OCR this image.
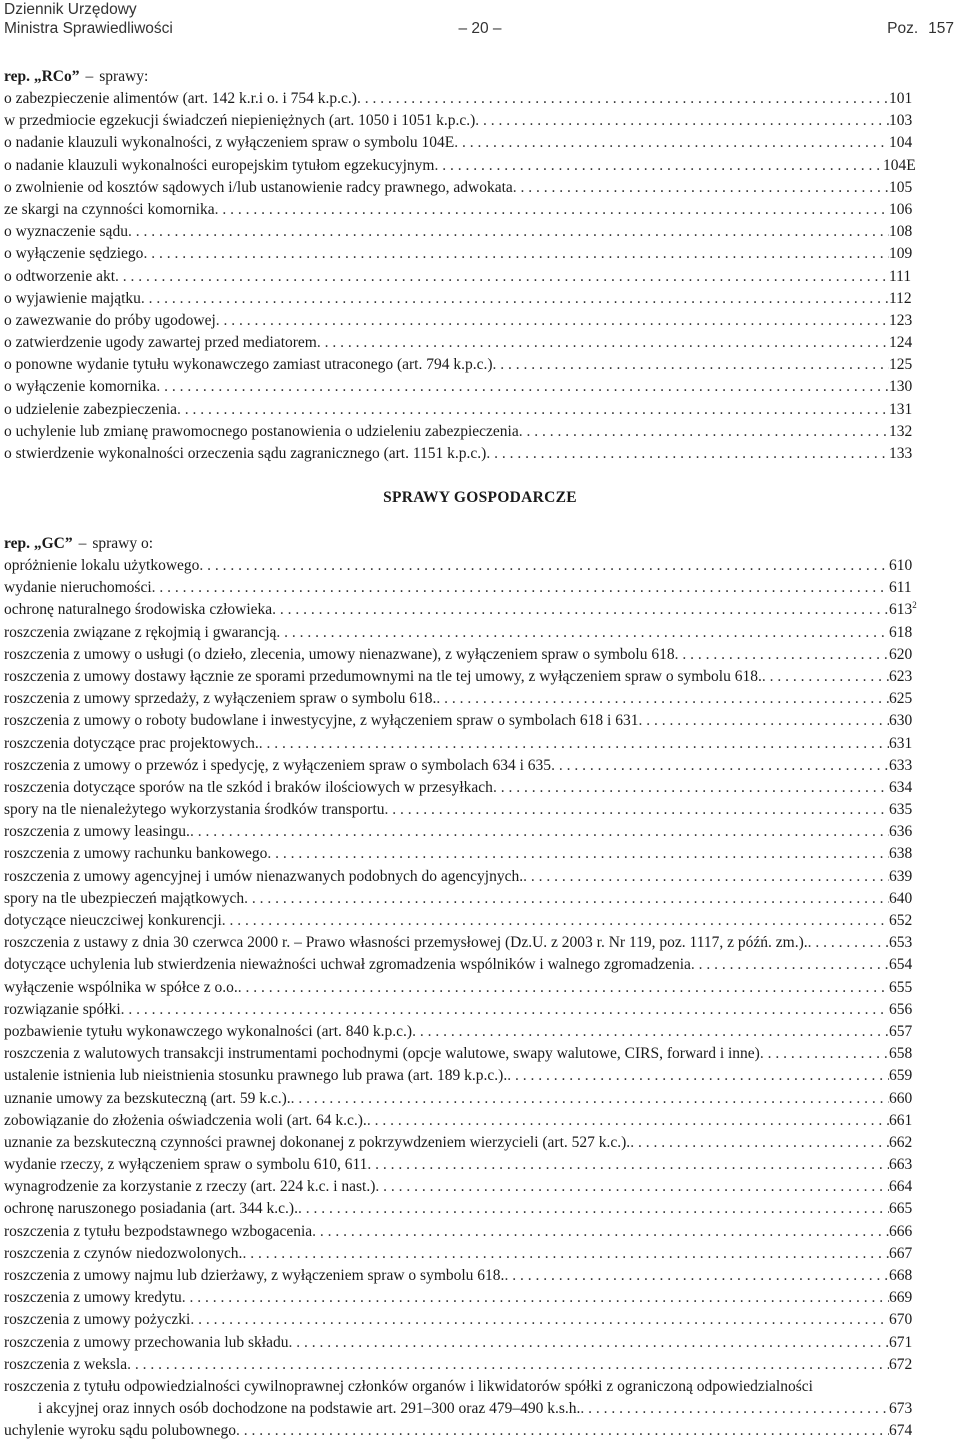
Dziennik Urzędowy
Ministra Sprawiedliwości	– 20 –	Poz. 157
rep. „RCo” – sprawy:
o zabezpieczenie alimentów (art. 142 k.r.i o. i 754 k.p.c.) . . .	101
w przedmiocie egzekucji świadczeń niepieniężnych (art. 1050 i 1051 k.p.c.) . . .	103
o nadanie klauzuli wykonalności, z wyłączeniem spraw o symbolu 104E . . .	104
o nadanie klauzuli wykonalności europejskim tytułom egzekucyjnym . . .	104E
o zwolnienie od kosztów sądowych i/lub ustanowienie radcy prawnego, adwokata . . .	105
ze skargi na czynności komornika . . .	106
o wyznaczenie sądu . . .	108
o wyłączenie sędziego . . .	109
o odtworzenie akt . . .	111
o wyjawienie majątku . . .	112
o zawezwanie do próby ugodowej . . .	123
o zatwierdzenie ugody zawartej przed mediatorem . . .	124
o ponowne wydanie tytułu wykonawczego zamiast utraconego (art. 794 k.p.c.) . . .	125
o wyłączenie komornika . . .	130
o udzielenie zabezpieczenia . . .	131
o uchylenie lub zmianę prawomocnego postanowienia o udzieleniu zabezpieczenia . . .	132
o stwierdzenie wykonalności orzeczenia sądu zagranicznego (art. 1151 k.p.c.) . . .	133
SPRAWY GOSPODARCZE
rep. „GC” – sprawy o:
opróżnienie lokalu użytkowego . . .	610
wydanie nieruchomości . . .	611
ochronę naturalnego środowiska człowieka . . .	$613^2$
roszczenia związane z rękojmią i gwarancją . . .	618
roszczenia z umowy o usługi (o dzieło, zlecenia, umowy nienazwane), z wyłączeniem spraw o symbolu 618 . . .	620
roszczenia z umowy dostawy łącznie ze sporami przedumownymi na tle tej umowy, z wyłączeniem spraw o symbolu 618. . . .	623
roszczenia z umowy sprzedaży, z wyłączeniem spraw o symbolu 618. . . .	625
roszczenia z umowy o roboty budowlane i inwestycyjne, z wyłączeniem spraw o symbolach 618 i 631 . . .	630
roszczenia dotyczące prac projektowych. . . .	631
roszczenia z umowy o przewóz i spedycję, z wyłączeniem spraw o symbolach 634 i 635 . . .	633
roszczenia dotyczące sporów na tle szkód i braków ilościowych w przesyłkach . . .	634
spory na tle nienależytego wykorzystania środków transportu . . .	635
roszczenia z umowy leasingu. . . .	636
roszczenia z umowy rachunku bankowego . . .	638
roszczenia z umowy agencyjnej i umów nienazwanych podobnych do agencyjnych. . . .	639
spory na tle ubezpieczeń majątkowych . . .	640
dotyczące nieuczciwej konkurencji . . .	652
roszczenia z ustawy z dnia 30 czerwca 2000 r. – Prawo własności przemysłowej (Dz.U. z 2003 r. Nr 119, poz. 1117, z późń. zm.). . . .	653
dotyczące uchylenia lub stwierdzenia nieważności uchwał zgromadzenia wspólników i walnego zgromadzenia . . .	654
wyłączenie wspólnika w spółce z o.o. . . .	655
rozwiązanie spółki . . .	656
pozbawienie tytułu wykonawczego wykonalności (art. 840 k.p.c.) . . .	657
roszczenia z walutowych transakcji instrumentami pochodnymi (opcje walutowe, swapy walutowe, CIRS, forward i inne) . . .	658
ustalenie istnienia lub nieistnienia stosunku prawnego lub prawa (art. 189 k.p.c.). . . .	659
uznanie umowy za bezskuteczną (art. 59 k.c.). . . .	660
zobowiązanie do złożenia oświadczenia woli (art. 64 k.c.). . . .	661
uznanie za bezskuteczną czynności prawnej dokonanej z pokrzywdzeniem wierzycieli (art. 527 k.c.). . . .	662
wydanie rzeczy, z wyłączeniem spraw o symbolu 610, 611 . . .	663
wynagrodzenie za korzystanie z rzeczy (art. 224 k.c. i nast.) . . .	664
ochronę naruszonego posiadania (art. 344 k.c.). . . .	665
roszczenia z tytułu bezpodstawnego wzbogacenia . . .	666
roszczenia z czynów niedozwolonych. . . .	667
roszczenia z umowy najmu lub dzierżawy, z wyłączeniem spraw o symbolu 618. . . .	668
roszczenia z umowy kredytu . . .	669
roszczenia z umowy pożyczki . . .	670
roszczenia z umowy przechowania lub składu . . .	671
roszczenia z weksla . . .	672
roszczenia z tytułu odpowiedzialności cywilnoprawnej członków organów i likwidatorów spółki z ograniczoną odpowiedzialności
i akcyjnej oraz innych osób dochodzone na podstawie art. 291–300 oraz 479–490 k.s.h. . . .	673
uchylenie wyroku sądu polubownego . . .	674
